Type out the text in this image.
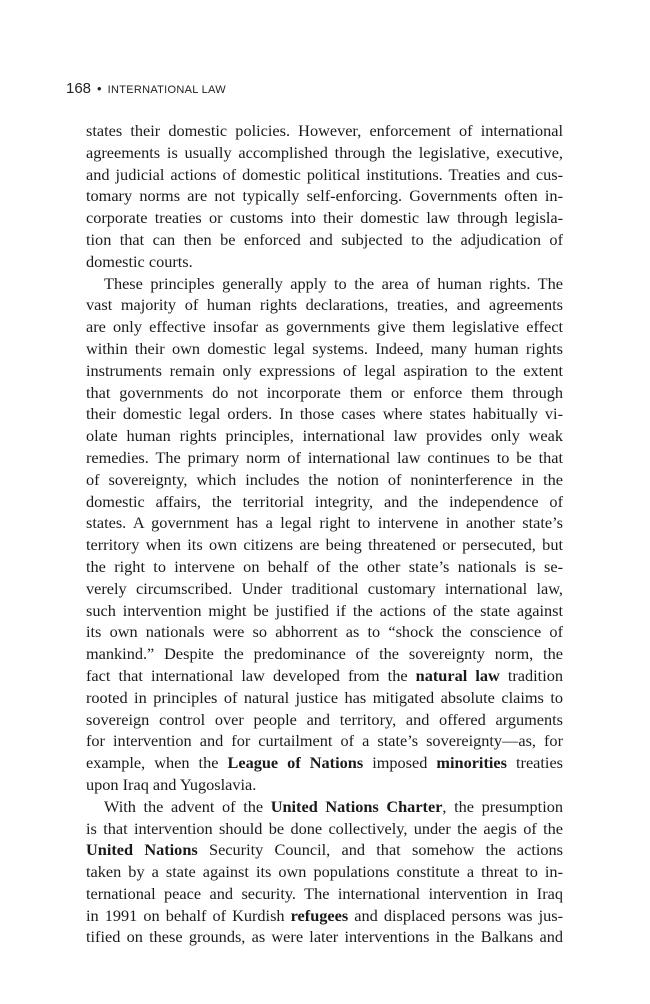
168 • INTERNATIONAL LAW
states their domestic policies. However, enforcement of international
agreements is usually accomplished through the legislative, executive,
and judicial actions of domestic political institutions. Treaties and cus-
tomary norms are not typically self-enforcing. Governments often in-
corporate treaties or customs into their domestic law through legisla-
tion that can then be enforced and subjected to the adjudication of
domestic courts.
These principles generally apply to the area of human rights. The
vast majority of human rights declarations, treaties, and agreements
are only effective insofar as governments give them legislative effect
within their own domestic legal systems. Indeed, many human rights
instruments remain only expressions of legal aspiration to the extent
that governments do not incorporate them or enforce them through
their domestic legal orders. In those cases where states habitually vi-
olate human rights principles, international law provides only weak
remedies. The primary norm of international law continues to be that
of sovereignty, which includes the notion of noninterference in the
domestic affairs, the territorial integrity, and the independence of
states. A government has a legal right to intervene in another state’s
territory when its own citizens are being threatened or persecuted, but
the right to intervene on behalf of the other state’s nationals is se-
verely circumscribed. Under traditional customary international law,
such intervention might be justified if the actions of the state against
its own nationals were so abhorrent as to “shock the conscience of
mankind.” Despite the predominance of the sovereignty norm, the
fact that international law developed from the natural law tradition
rooted in principles of natural justice has mitigated absolute claims to
sovereign control over people and territory, and offered arguments
for intervention and for curtailment of a state’s sovereignty—as, for
example, when the League of Nations imposed minorities treaties
upon Iraq and Yugoslavia.
With the advent of the United Nations Charter, the presumption
is that intervention should be done collectively, under the aegis of the
United Nations Security Council, and that somehow the actions
taken by a state against its own populations constitute a threat to in-
ternational peace and security. The international intervention in Iraq
in 1991 on behalf of Kurdish refugees and displaced persons was jus-
tified on these grounds, as were later interventions in the Balkans and
